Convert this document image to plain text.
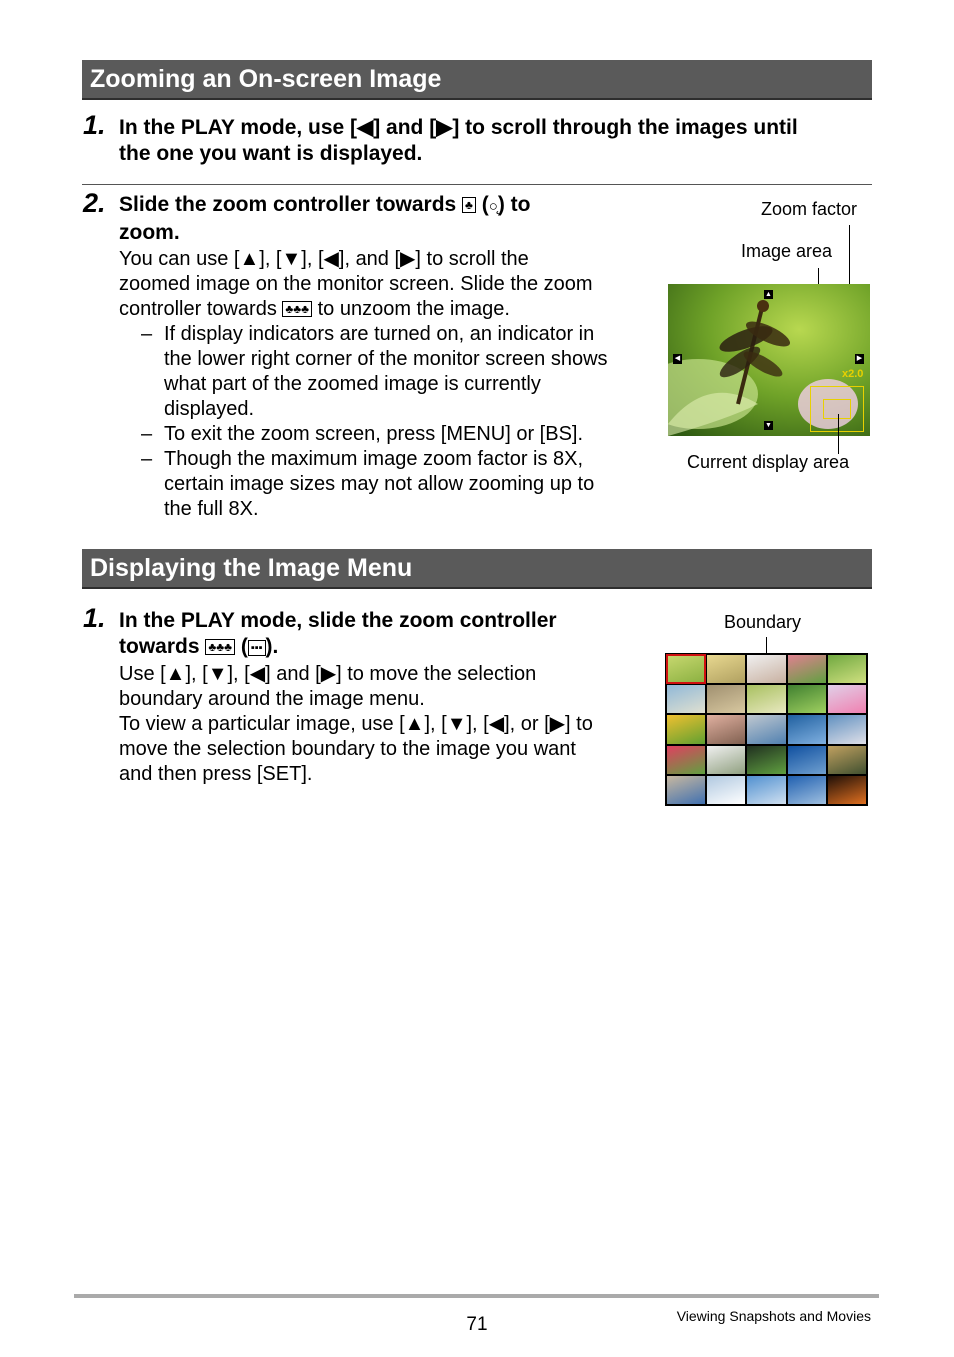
Zooming an On-screen Image
1. In the PLAY mode, use [◀] and [▶] to scroll through the images until
the one you want is displayed.
2. Slide the zoom controller towards ♣ (○̨) to
zoom.
You can use [▲], [▼], [◀], and [▶] to scroll the
zoomed image on the monitor screen. Slide the zoom
controller towards ♣♣♣ to unzoom the image.
– If display indicators are turned on, an indicator in
the lower right corner of the monitor screen shows
what part of the zoomed image is currently
displayed.
– To exit the zoom screen, press [MENU] or [BS].
– Though the maximum image zoom factor is 8X,
certain image sizes may not allow zooming up to
the full 8X.
Zoom factor
Image area
▲
▼
◀	▶
x2.0
Current display area
Displaying the Image Menu
1. In the PLAY mode, slide the zoom controller
towards ♣♣♣ ( ▪▪▪ ).
Use [▲], [▼], [◀] and [▶] to move the selection
boundary around the image menu.
To view a particular image, use [▲], [▼], [◀], or [▶] to
move the selection boundary to the image you want
and then press [SET].
Boundary
71	Viewing Snapshots and Movies
